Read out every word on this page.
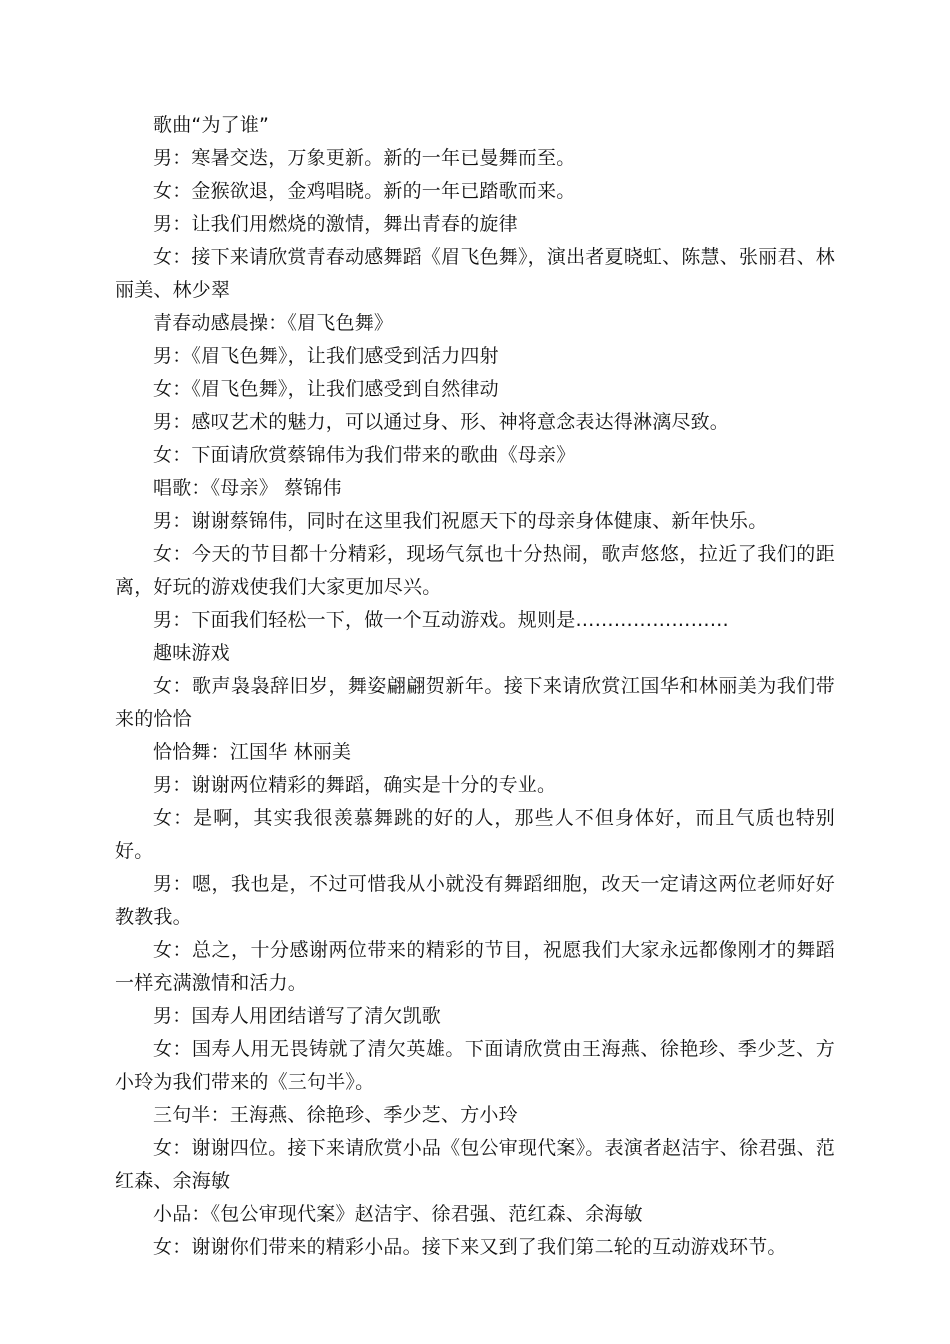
歌曲“为了谁”

男：寒暑交迭，万象更新。新的一年已曼舞而至。

女：金猴欲退，金鸡唱晓。新的一年已踏歌而来。

男：让我们用燃烧的激情，舞出青春的旋律

女：接下来请欣赏青春动感舞蹈《眉飞色舞》，演出者夏晓虹、陈慧、张丽君、林丽美、林少翠

青春动感晨操：《眉飞色舞》

男：《眉飞色舞》，让我们感受到活力四射

女：《眉飞色舞》，让我们感受到自然律动

男：感叹艺术的魅力，可以通过身、形、神将意念表达得淋漓尽致。

女：下面请欣赏蔡锦伟为我们带来的歌曲《母亲》

唱歌：《母亲》 蔡锦伟

男：谢谢蔡锦伟，同时在这里我们祝愿天下的母亲身体健康、新年快乐。

女：今天的节目都十分精彩，现场气氛也十分热闹，歌声悠悠，拉近了我们的距离，好玩的游戏使我们大家更加尽兴。

男：下面我们轻松一下，做一个互动游戏。规则是……………………

趣味游戏

女：歌声袅袅辞旧岁，舞姿翩翩贺新年。接下来请欣赏江国华和林丽美为我们带来的恰恰

恰恰舞：江国华 林丽美

男：谢谢两位精彩的舞蹈，确实是十分的专业。

女：是啊，其实我很羡慕舞跳的好的人，那些人不但身体好，而且气质也特别好。

男：嗯，我也是，不过可惜我从小就没有舞蹈细胞，改天一定请这两位老师好好教教我。

女：总之，十分感谢两位带来的精彩的节目，祝愿我们大家永远都像刚才的舞蹈一样充满激情和活力。

男：国寿人用团结谱写了清欠凯歌

女：国寿人用无畏铸就了清欠英雄。下面请欣赏由王海燕、徐艳珍、季少芝、方小玲为我们带来的《三句半》。

三句半：王海燕、徐艳珍、季少芝、方小玲

女：谢谢四位。接下来请欣赏小品《包公审现代案》。表演者赵洁宇、徐君强、范红森、余海敏

小品：《包公审现代案》赵洁宇、徐君强、范红森、余海敏

女：谢谢你们带来的精彩小品。接下来又到了我们第二轮的互动游戏环节。
